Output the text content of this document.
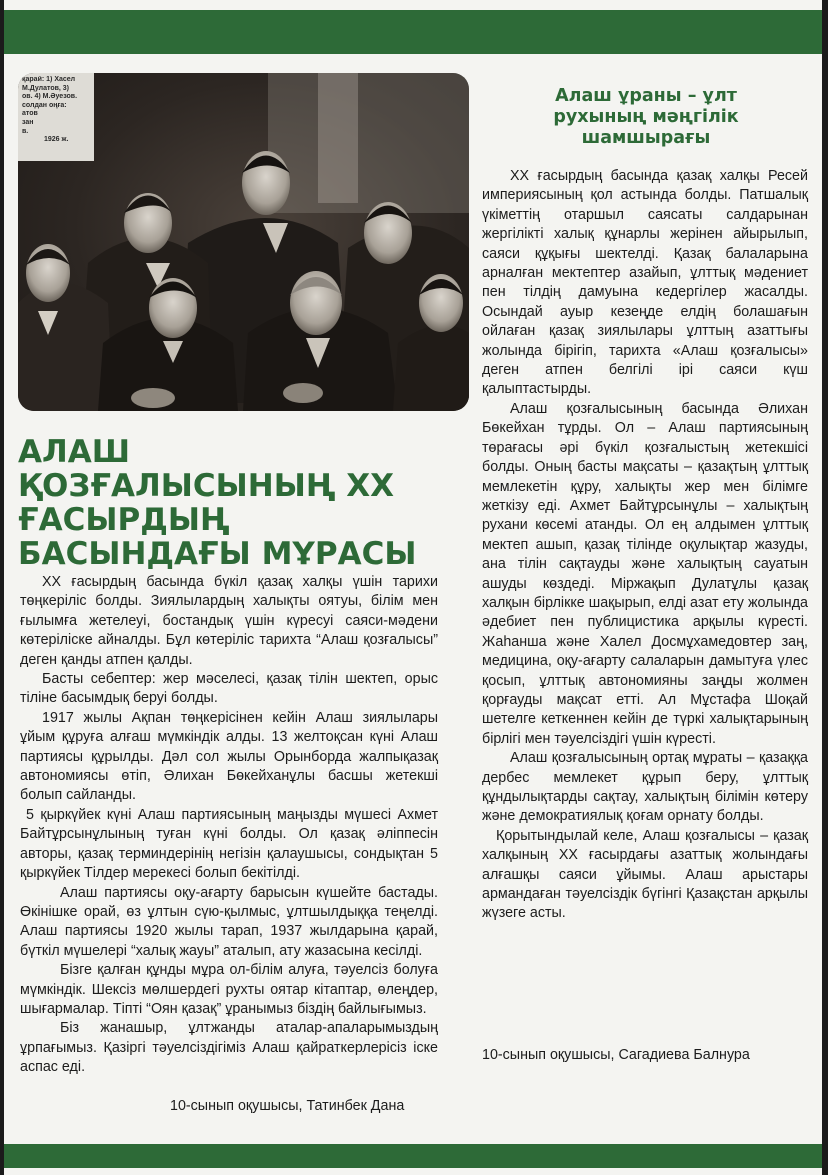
қарай: 1) Хасел
М.Дулатов, 3)
ов. 4) М.Әуезов.
солдан оңға:
атов
зан
в.
1926 ж.
АЛАШ
ҚОЗҒАЛЫСЫНЫҢ ХХ
ҒАСЫРДЫҢ
БАСЫНДАҒЫ МҰРАСЫ

ХХ ғасырдың басында бүкіл қазақ халқы үшін тарихи төңкеріліс болды. Зиялылардың халықты оятуы, білім мен ғылымға жетелеуі, бостандық үшін күресуі саяси-мәдени көтерілiске айналды. Бұл көтеріліс тарихта “Алаш қозғалысы” деген қанды атпен қалды.

Басты себептер: жер мәселесі, қазақ тілін шектеп, орыс тіліне басымдық беруі болды.

1917 жылы Ақпан төңкерісінен кейін Алаш зиялылары ұйым құруға алғаш мүмкіндік алды. 13 желтоқсан күні Алаш партиясы құрылды. Дәл сол жылы Орынборда жалпықазақ автономиясы өтіп, Әлихан Бөкейханұлы басшы жетекші болып сайланды.

5 қыркүйек күні Алаш партиясының маңызды мүшесі Ахмет Байтұрсынұлының туған күні болды. Ол қазақ әліппесін авторы, қазақ терминдерінің негізін қалаушысы, сондықтан 5 қыркүйек Тілдер мерекесі болып бекітілді.

Алаш партиясы оқу-ағарту барысын күшейте бастады. Өкінішке орай, өз ұлтын сүю-қылмыс, ұлтшылдыққа теңелді. Алаш партиясы 1920 жылы тарап, 1937 жылдарына қарай, бүткіл мүшелері “халық жауы” аталып, ату жазасына кесілді.

Бізге қалған құнды мұра ол-білім алуға, тәуелсіз болуға мүмкіндік. Шексіз мөлшердегі рухты оятар кітаптар, өлеңдер, шығармалар. Тіпті “Оян қазақ” ұранымыз біздің байлығымыз.

Біз жанашыр, ұлтжанды аталар-апаларымыздың ұрпағымыз. Қазіргі тәуелсіздігіміз Алаш қайраткерлерісіз іске аспас еді.

10-сынып оқушысы, Татинбек Дана
Алаш ұраны – ұлт
рухының мәңгілік
шамшырағы

ХХ ғасырдың басында қазақ халқы Ресей империясының қол астында болды. Патшалық үкіметтің отаршыл саясаты салдарынан жергілікті халық құнарлы жерінен айырылып, саяси құқығы шектелді. Қазақ балаларына арналған мектептер азайып, ұлттық мәдениет пен тілдің дамуына кедергілер жасалды. Осындай ауыр кезеңде елдің болашағын ойлаған қазақ зиялылары ұлттың азаттығы жолында бірігіп, тарихта «Алаш қозғалысы» деген атпен белгілі ірі саяси күш қалыптастырды.

Алаш қозғалысының басында Әлихан Бөкейхан тұрды. Ол – Алаш партиясының төрағасы әрі бүкіл қозғалыстың жетекшісі болды. Оның басты мақсаты – қазақтың ұлттық мемлекетін құру, халықты жер мен білімге жеткізу еді. Ахмет Байтұрсынұлы – халықтың рухани көсемі атанды. Ол ең алдымен ұлттық мектеп ашып, қазақ тілінде оқулықтар жазуды, ана тілін сақтауды және халықтың сауатын ашуды көздеді. Міржақып Дулатұлы қазақ халқын бірлікке шақырып, елді азат ету жолында әдебиет пен публицистика арқылы күресті. Жаһанша және Халел Досмұхамедовтер заң, медицина, оқу-ағарту салаларын дамытуға үлес қосып, ұлттық автономияны заңды жолмен қорғауды мақсат етті. Ал Мұстафа Шоқай шетелге кеткеннен кейін де түркі халықтарының бірлігі мен тәуелсіздігі үшін күресті.

Алаш қозғалысының ортақ мұраты – қазаққа дербес мемлекет құрып беру, ұлттық құндылықтарды сақтау, халықтың білімін көтеру және демократиялық қоғам орнату болды.

Қорытындылай келе, Алаш қозғалысы – қазақ халқының ХХ ғасырдағы азаттық жолындағы алғашқы саяси ұйымы. Алаш арыстары армандаған тәуелсіздік бүгінгі Қазақстан арқылы жүзеге асты.

10-сынып оқушысы, Сагадиева Балнура
